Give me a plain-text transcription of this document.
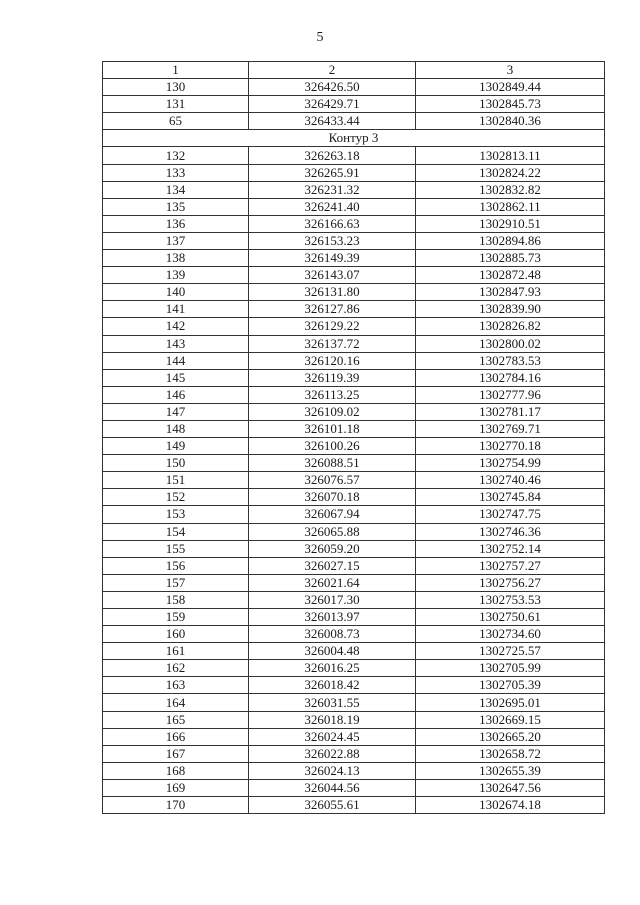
5
1	2	3
130	326426.50	1302849.44
131	326429.71	1302845.73
65	326433.44	1302840.36
Контур 3		
132	326263.18	1302813.11
133	326265.91	1302824.22
134	326231.32	1302832.82
135	326241.40	1302862.11
136	326166.63	1302910.51
137	326153.23	1302894.86
138	326149.39	1302885.73
139	326143.07	1302872.48
140	326131.80	1302847.93
141	326127.86	1302839.90
142	326129.22	1302826.82
143	326137.72	1302800.02
144	326120.16	1302783.53
145	326119.39	1302784.16
146	326113.25	1302777.96
147	326109.02	1302781.17
148	326101.18	1302769.71
149	326100.26	1302770.18
150	326088.51	1302754.99
151	326076.57	1302740.46
152	326070.18	1302745.84
153	326067.94	1302747.75
154	326065.88	1302746.36
155	326059.20	1302752.14
156	326027.15	1302757.27
157	326021.64	1302756.27
158	326017.30	1302753.53
159	326013.97	1302750.61
160	326008.73	1302734.60
161	326004.48	1302725.57
162	326016.25	1302705.99
163	326018.42	1302705.39
164	326031.55	1302695.01
165	326018.19	1302669.15
166	326024.45	1302665.20
167	326022.88	1302658.72
168	326024.13	1302655.39
169	326044.56	1302647.56
170	326055.61	1302674.18
